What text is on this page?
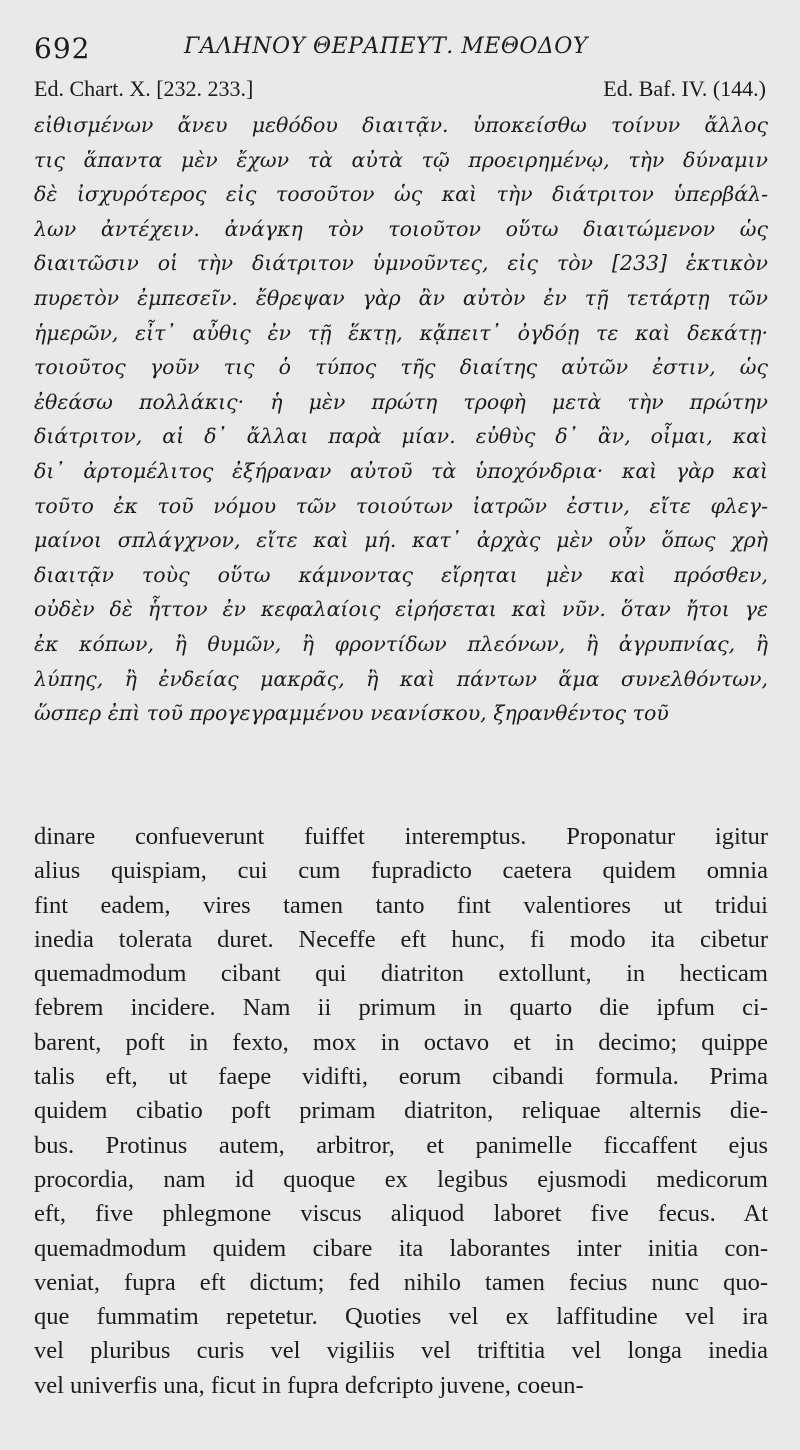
692	ΓΑΛΗΝΟΥ ΘΕΡΑΠΕΥΤ. ΜΕΘΟΔΟΥ
Ed. Chart. X. [232. 233.]	Ed. Baf. IV. (144.)
εἰθισμένων ἄνευ μεθόδου διαιτᾷν. ὑποκείσθω τοίνυν ἄλλος
τις ἅπαντα μὲν ἔχων τὰ αὐτὰ τῷ προειρημένῳ, τὴν δύναμιν
δὲ ἰσχυρότερος εἰς τοσοῦτον ὡς καὶ τὴν διάτριτον ὑπερβάλ-
λων ἀντέχειν. ἀνάγκη τὸν τοιοῦτον οὕτω διαιτώμενον ὡς
διαιτῶσιν οἱ τὴν διάτριτον ὑμνοῦντες, εἰς τὸν [233] ἑκτικὸν
πυρετὸν ἐμπεσεῖν. ἔθρεψαν γὰρ ἂν αὐτὸν ἐν τῇ τετάρτῃ τῶν
ἡμερῶν, εἶτ᾽ αὖθις ἐν τῇ ἕκτῃ, κᾄπειτ᾽ ὀγδόῃ τε καὶ δεκάτῃ·
τοιοῦτος γοῦν τις ὁ τύπος τῆς διαίτης αὐτῶν ἐστιν, ὡς
ἐθεάσω πολλάκις· ἡ μὲν πρώτη τροφὴ μετὰ τὴν πρώτην
διάτριτον, αἱ δ᾽ ἄλλαι παρὰ μίαν. εὐθὺς δ᾽ ἂν, οἶμαι, καὶ
δι᾽ ἀρτομέλιτος ἐξήραναν αὐτοῦ τὰ ὑποχόνδρια· καὶ γὰρ καὶ
τοῦτο ἐκ τοῦ νόμου τῶν τοιούτων ἰατρῶν ἐστιν, εἴτε φλεγ-
μαίνοι σπλάγχνον, εἴτε καὶ μή. κατ᾽ ἀρχὰς μὲν οὖν ὅπως χρὴ
διαιτᾷν τοὺς οὕτω κάμνοντας εἴρηται μὲν καὶ πρόσθεν,
οὐδὲν δὲ ἧττον ἐν κεφαλαίοις εἰρήσεται καὶ νῦν. ὅταν ἤτοι γε
ἐκ κόπων, ἢ θυμῶν, ἢ φροντίδων πλεόνων, ἢ ἀγρυπνίας, ἢ
λύπης, ἢ ἐνδείας μακρᾶς, ἢ καὶ πάντων ἅμα συνελθόντων,
ὥσπερ ἐπὶ τοῦ προγεγραμμένου νεανίσκου, ξηρανθέντος τοῦ
dinare confueverunt fuiffet interemptus. Proponatur igitur
alius quispiam, cui cum fupradicto caetera quidem omnia
fint eadem, vires tamen tanto fint valentiores ut tridui
inedia tolerata duret. Neceffe eft hunc, fi modo ita cibetur
quemadmodum cibant qui diatriton extollunt, in hecticam
febrem incidere. Nam ii primum in quarto die ipfum ci-
barent, poft in fexto, mox in octavo et in decimo; quippe
talis eft, ut faepe vidifti, eorum cibandi formula. Prima
quidem cibatio poft primam diatriton, reliquae alternis die-
bus. Protinus autem, arbitror, et panimelle ficcaffent ejus
procordia, nam id quoque ex legibus ejusmodi medicorum
eft, five phlegmone viscus aliquod laboret five fecus. At
quemadmodum quidem cibare ita laborantes inter initia con-
veniat, fupra eft dictum; fed nihilo tamen fecius nunc quo-
que fummatim repetetur. Quoties vel ex laffitudine vel ira
vel pluribus curis vel vigiliis vel triftitia vel longa inedia
vel univerfis una, ficut in fupra defcripto juvene, coeun-
